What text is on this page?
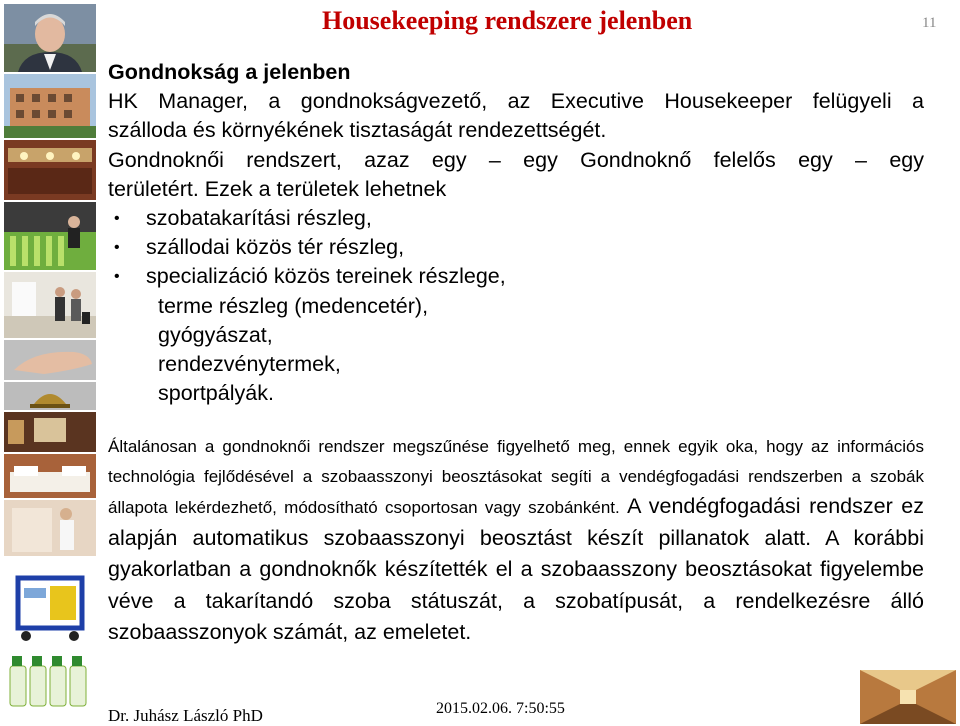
Housekeeping rendszere jelenben	11
Gondnokság a jelenben
HK Manager, a gondnokságvezető, az Executive Housekeeper felügyeli a
szálloda és környékének tisztaságát rendezettségét.
Gondnoknői rendszert, azaz egy – egy Gondnoknő felelős egy – egy
területért. Ezek a területek lehetnek
• szobatakarítási részleg,
• szállodai közös tér részleg,
• specializáció közös tereinek részlege,
terme részleg (medencetér),
gyógyászat,
rendezvénytermek,
sportpályák.
Általánosan a gondnoknői rendszer megszűnése figyelhető meg, ennek egyik oka, hogy az információs technológia fejlődésével a szobaasszonyi beosztásokat segíti a vendégfogadási rendszerben a szobák állapota lekérdezhető, módosítható csoportosan vagy szobánként. A vendégfogadási rendszer ez alapján automatikus szobaasszonyi beosztást készít pillanatok alatt. A korábbi gyakorlatban a gondnoknők készítették el a szobaasszony beosztásokat figyelembe véve a takarítandó szoba státuszát, a szobatípusát, a rendelkezésre álló szobaasszonyok számát, az emeletet.
Dr. Juhász László PhD	2015.02.06. 7:50:55
